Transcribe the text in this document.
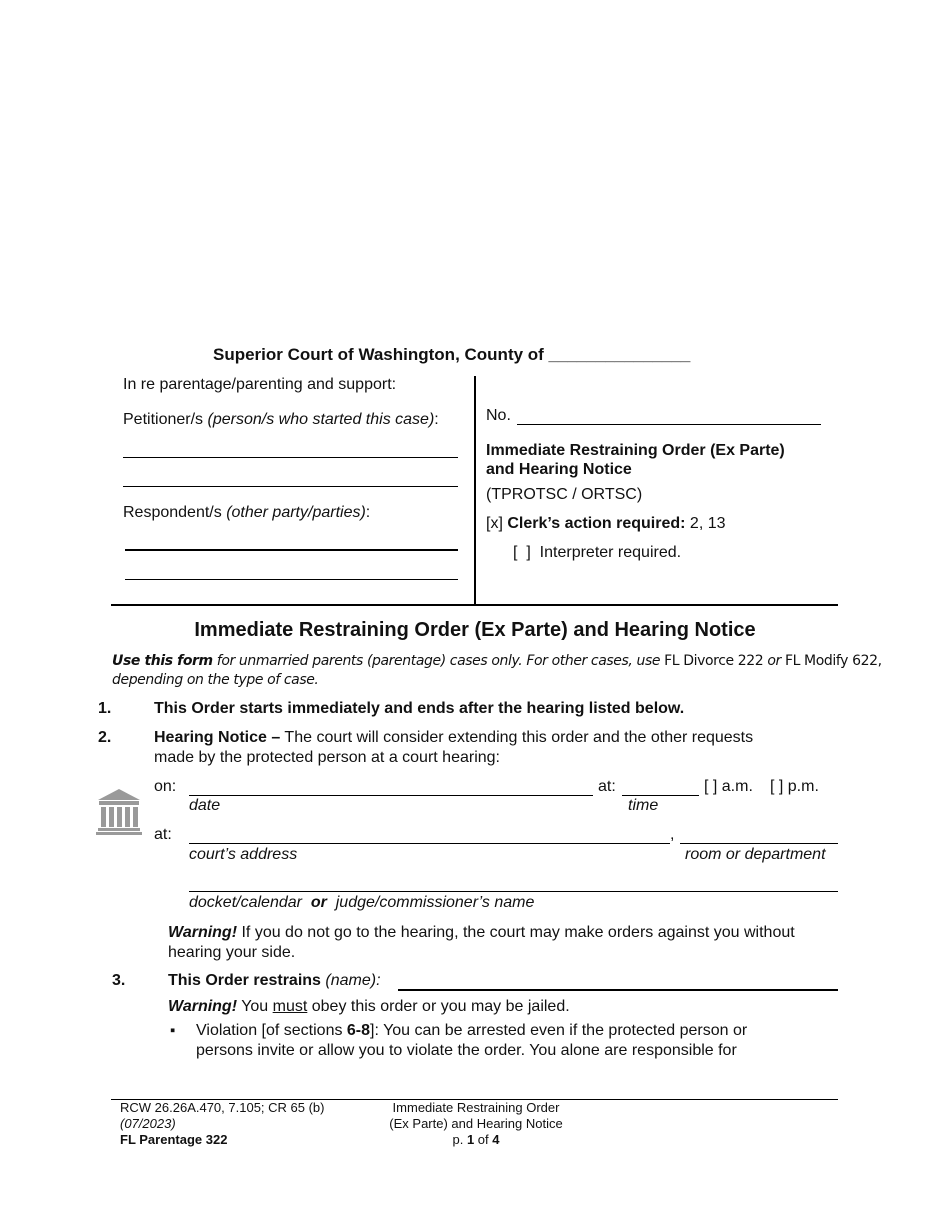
Superior Court of Washington, County of _______________
In re parentage/parenting and support:
Petitioner/s (person/s who started this case):
Respondent/s (other party/parties):
No.
Immediate Restraining Order (Ex Parte)
and Hearing Notice
(TPROTSC / ORTSC)
[x] Clerk’s action required: 2, 13
[  ] Interpreter required.
Immediate Restraining Order (Ex Parte) and Hearing Notice
Use this form for unmarried parents (parentage) cases only. For other cases, use FL Divorce 222 or FL Modify 622,
depending on the type of case.
1.	This Order starts immediately and ends after the hearing listed below.
2.	Hearing Notice – The court will consider extending this order and the other requests
made by the protected person at a court hearing:
on:	at:	[ ] a.m. [ ] p.m.
date	time
at:	,
court’s address	room or department
docket/calendar or judge/commissioner’s name
Warning! If you do not go to the hearing, the court may make orders against you without
hearing your side.
3.	This Order restrains (name):
Warning! You must obey this order or you may be jailed.
▪ Violation [of sections 6-8]: You can be arrested even if the protected person or
persons invite or allow you to violate the order. You alone are responsible for
RCW 26.26A.470, 7.105; CR 65 (b)
(07/2023)
FL Parentage 322
Immediate Restraining Order
(Ex Parte) and Hearing Notice
p. 1 of 4
